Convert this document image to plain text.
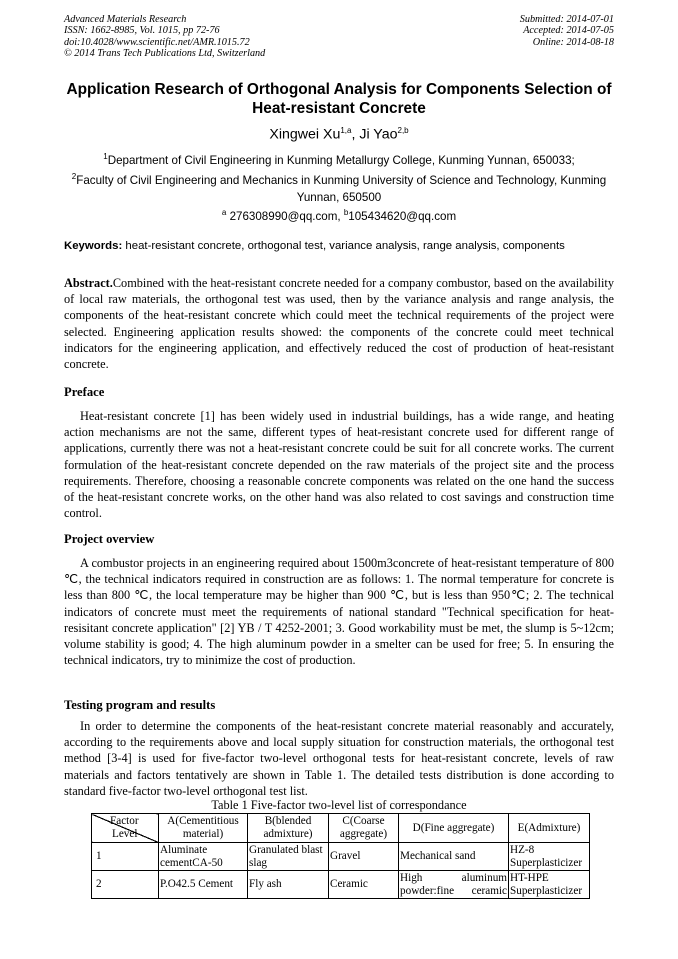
Advanced Materials Research
ISSN: 1662-8985, Vol. 1015, pp 72-76
doi:10.4028/www.scientific.net/AMR.1015.72
© 2014 Trans Tech Publications Ltd, Switzerland
Submitted: 2014-07-01
Accepted: 2014-07-05
Online: 2014-08-18
Application Research of Orthogonal Analysis for Components Selection of Heat-resistant Concrete
Xingwei Xu$^{1,a}$, Ji Yao$^{2,b}$
$^1$Department of Civil Engineering in Kunming Metallurgy College, Kunming Yunnan, 650033;
$^2$Faculty of Civil Engineering and Mechanics in Kunming University of Science and Technology, Kunming Yunnan, 650500
$^a$ 276308990@qq.com, $^b$105434620@qq.com
Keywords: heat-resistant concrete, orthogonal test, variance analysis, range analysis, components
Abstract.Combined with the heat-resistant concrete needed for a company combustor, based on the availability of local raw materials, the orthogonal test was used, then by the variance analysis and range analysis, the components of the heat-resistant concrete which could meet the technical requirements of the project were selected. Engineering application results showed: the components of the concrete could meet technical indicators for the engineering application, and effectively reduced the cost of production of heat-resistant concrete.
Preface
Heat-resistant concrete [1] has been widely used in industrial buildings, has a wide range, and heating action mechanisms are not the same, different types of heat-resistant concrete used for different range of applications, currently there was not a heat-resistant concrete could be suit for all concrete works. The current formulation of the heat-resistant concrete depended on the raw materials of the project site and the process requirements. Therefore, choosing a reasonable concrete components was related on the one hand the success of the heat-resistant concrete works, on the other hand was also related to cost savings and construction time control.
Project overview
A combustor projects in an engineering required about 1500m3concrete of heat-resistant temperature of 800 ℃, the technical indicators required in construction are as follows: 1. The normal temperature for concrete is less than 800 ℃, the local temperature may be higher than 900 ℃, but is less than 950℃; 2. The technical indicators of concrete must meet the requirements of national standard "Technical specification for heat-resisitant concrete application" [2] YB / T 4252-2001; 3. Good workability must be met, the slump is 5~12cm; volume stability is good; 4. The high aluminum powder in a smelter can be used for free; 5. In ensuring the technical indicators, try to minimize the cost of production.
Testing program and results
In order to determine the components of the heat-resistant concrete material reasonably and accurately, according to the requirements above and local supply situation for construction materials, the orthogonal test method [3-4] is used for five-factor two-level orthogonal tests for heat-resistant concrete, levels of raw materials and factors tentatively are shown in Table 1. The detailed tests distribution is done according to standard five-factor two-level orthogonal test list.
Table 1 Five-factor two-level list of correspondance
Factor
Level	A(Cementitious material)	B(blended admixture)	C(Coarse aggregate)	D(Fine aggregate)	E(Admixture)
1	Aluminate cementCA-50	Granulated blast slag	Gravel	Mechanical sand	HZ-8 Superplasticizer
2	P.O42.5 Cement	Fly ash	Ceramic	High aluminum powder:fine ceramic	HT-HPE Superplasticizer
